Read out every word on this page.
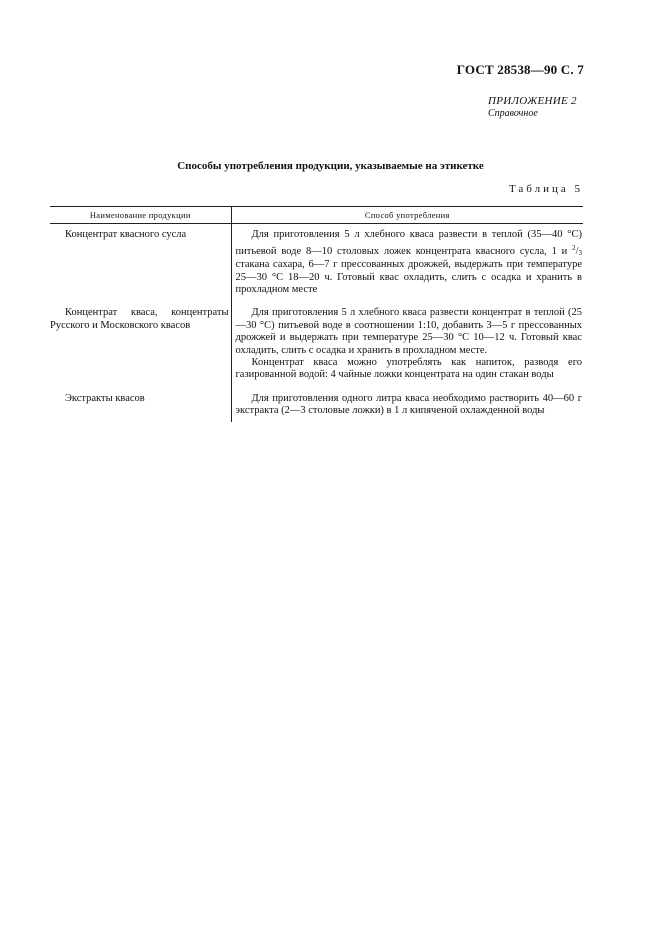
ГОСТ 28538—90 С. 7
ПРИЛОЖЕНИЕ 2
Справочное
Способы употребления продукции, указываемые на этикетке
Таблица 5
Наименование продукции	Способ употребления

Концентрат квасного сусла	Для приготовления 5 л хлебного кваса развести в теплой (35—40 °С) питьевой воде 8—10 столовых ложек концентрата квасного сусла, 1 и $^2/_3$ стакана сахара, 6—7 г прессованных дрожжей, выдержать при температуре 25—30 °С 18—20 ч. Готовый квас охладить, слить с осадка и хранить в прохладном месте

Концентрат кваса, концентраты Русского и Московского квасов	Для приготовления 5 л хлебного кваса развести концентрат в теплой (25—30 °С) питьевой воде в соотношении 1:10, добавить 3—5 г прессованных дрожжей и выдержать при температуре 25—30 °С 10—12 ч. Готовый квас охладить, слить с осадка и хранить в прохладном месте.
Концентрат кваса можно употреблять как напиток, разводя его газированной водой: 4 чайные ложки концентрата на один стакан воды

Экстракты квасов	Для приготовления одного литра кваса необходимо растворить 40—60 г экстракта (2—3 столовые ложки) в 1 л кипяченой охлажденной воды
